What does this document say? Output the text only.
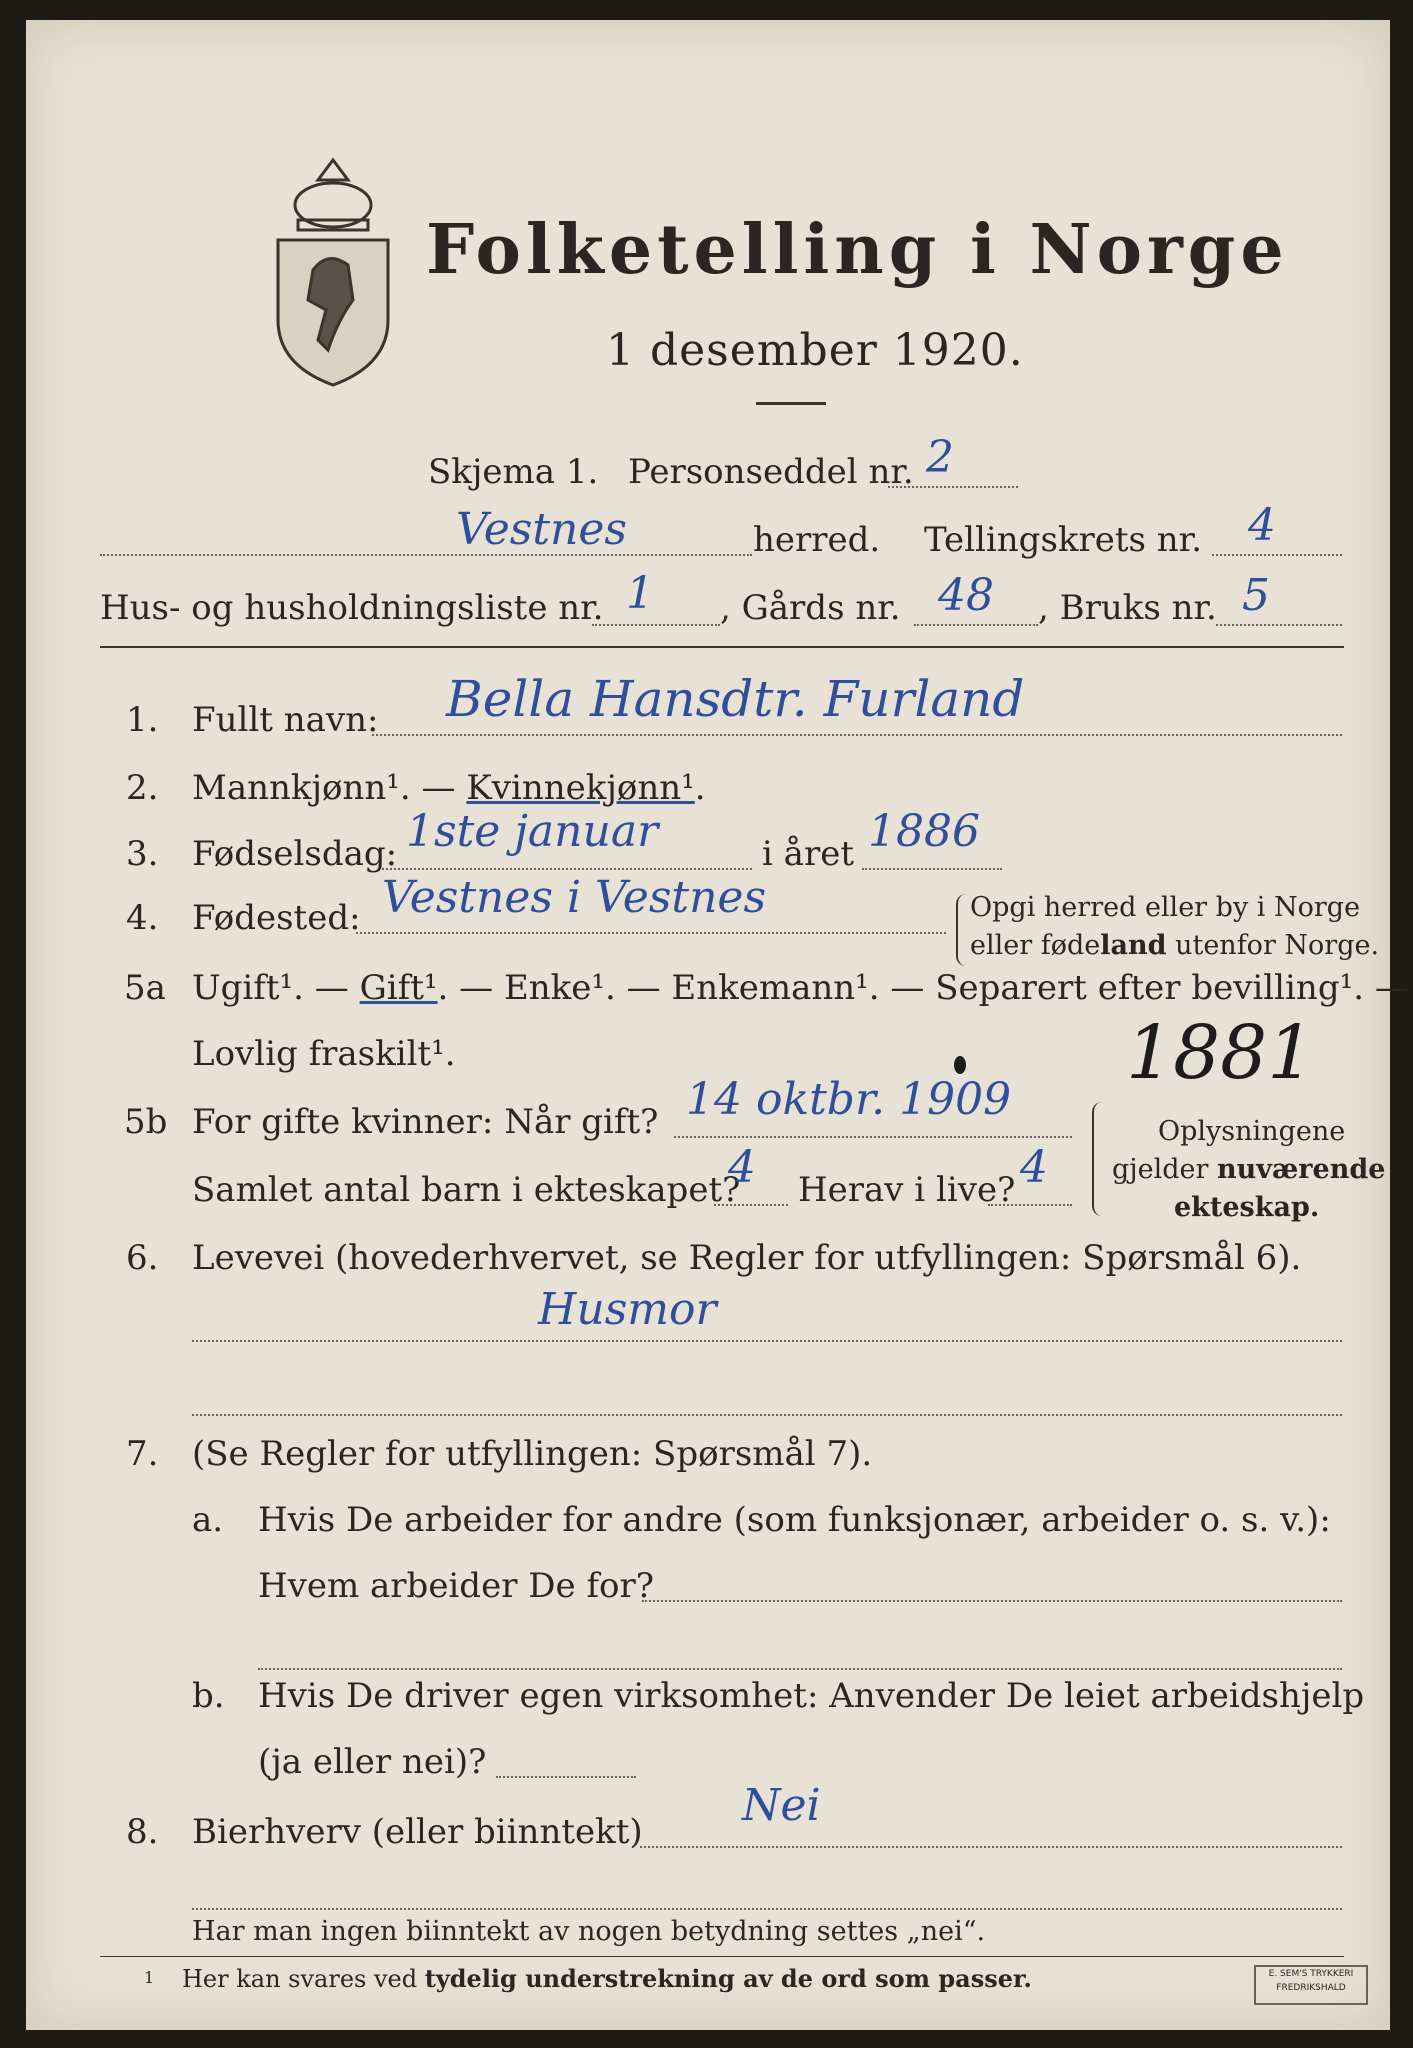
Folketelling i Norge
1 desember 1920.
Skjema 1. Personseddel nr. 2
Vestnes	herred. Tellingskrets nr. 4
Hus- og husholdningsliste nr. 1 , Gårds nr. 48 , Bruks nr. 5
1. Fullt navn: Bella Hansdtr. Furland
2. Mannkjønn¹. — Kvinnekjønn¹.
3. Fødselsdag: 1ste januar	i året 1886
4. Fødested: Vestnes i Vestnes	Opgi herred eller by i Norge
eller fødeland utenfor Norge.
5a Ugift¹. — Gift¹. — Enke¹. — Enkemann¹. — Separert efter bevilling¹. —
Lovlig fraskilt¹.	1881
5b For gifte kvinner: Når gift? 14 oktbr. 1909
Samlet antal barn i ekteskapet?
4 Herav i live? 4
Oplysningene
gjelder nuværende
ekteskap.
6. Levevei (hovederhvervet, se Regler for utfyllingen: Spørsmål 6).
Husmor
7. (Se Regler for utfyllingen: Spørsmål 7).
a. Hvis De arbeider for andre (som funksjonær, arbeider o. s. v.):
Hvem arbeider De for?
b. Hvis De driver egen virksomhet: Anvender De leiet arbeidshjelp
(ja eller nei)?
8. Bierhverv (eller biinntekt)
Nei
Har man ingen biinntekt av nogen betydning settes „nei“.
1 Her kan svares ved tydelig understrekning av de ord som passer.	E. SEM'S TRYKKERI FREDRIKSHALD
